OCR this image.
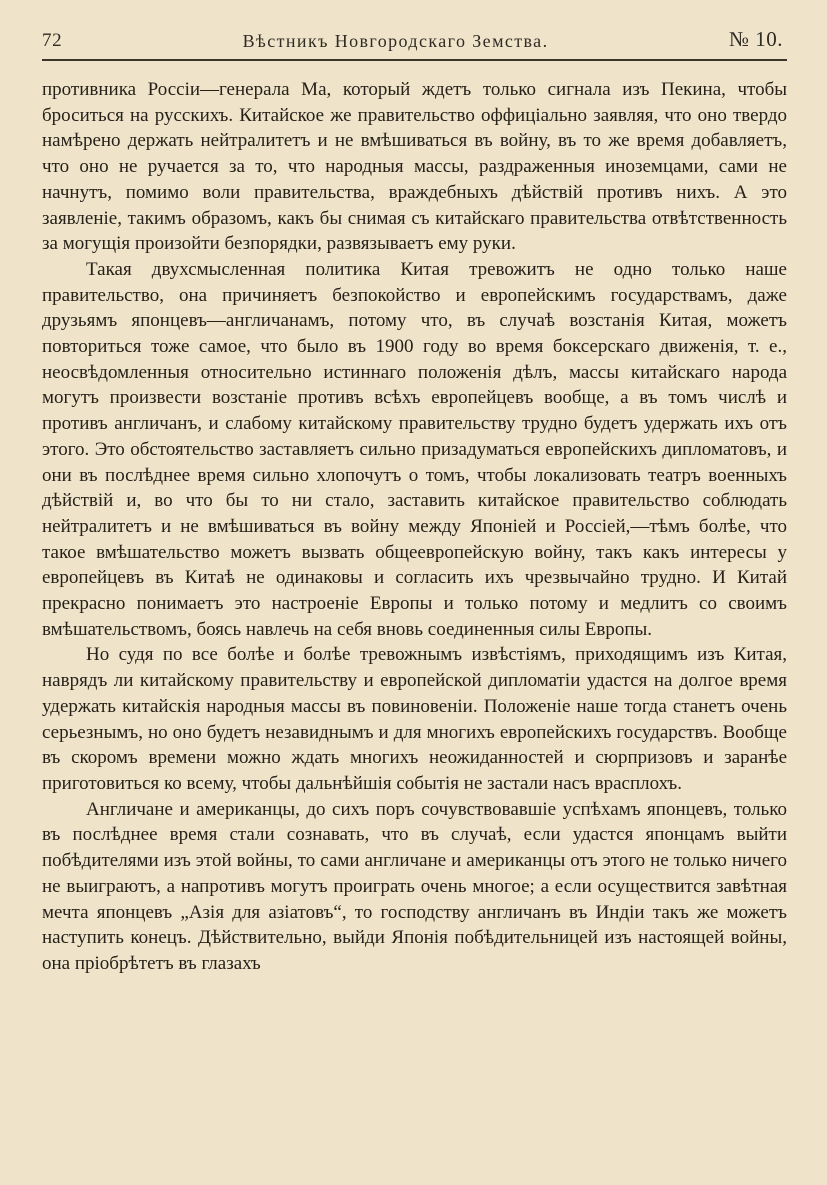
72	Вѣстникъ Новгородскаго Земства.	№ 10.

противника Россіи—генерала Ма, который ждетъ только сигнала изъ Пекина, чтобы броситься на русскихъ. Китайское же правительство оффиціально заявляя, что оно твердо намѣрено держать нейтралитетъ и не вмѣшиваться въ войну, въ то же время добавляетъ, что оно не ручается за то, что народныя массы, раздраженныя иноземцами, сами не начнутъ, помимо воли правительства, враждебныхъ дѣйствій противъ нихъ. А это заявленіе, такимъ образомъ, какъ бы снимая съ китайскаго правительства отвѣтственность за могущія произойти безпорядки, развязываетъ ему руки.

Такая двухсмысленная политика Китая тревожитъ не одно только наше правительство, она причиняетъ безпокойство и европейскимъ государствамъ, даже друзьямъ японцевъ—англичанамъ, потому что, въ случаѣ возстанія Китая, можетъ повториться тоже самое, что было въ 1900 году во время боксерскаго движенія, т. е., неосвѣдомленныя относительно истиннаго положенія дѣлъ, массы китайскаго народа могутъ произвести возстаніе противъ всѣхъ европейцевъ вообще, а въ томъ числѣ и противъ англичанъ, и слабому китайскому правительству трудно будетъ удержать ихъ отъ этого. Это обстоятельство заставляетъ сильно призадуматься европейскихъ дипломатовъ, и они въ послѣднее время сильно хлопочутъ о томъ, чтобы локализовать театръ военныхъ дѣйствій и, во что бы то ни стало, заставить китайское правительство соблюдать нейтралитетъ и не вмѣшиваться въ войну между Японіей и Россіей,—тѣмъ болѣе, что такое вмѣшательство можетъ вызвать общеевропейскую войну, такъ какъ интересы у европейцевъ въ Китаѣ не одинаковы и согласить ихъ чрезвычайно трудно. И Китай прекрасно понимаетъ это настроеніе Европы и только потому и медлитъ со своимъ вмѣшательствомъ, боясь навлечь на себя вновь соединенныя силы Европы.

Но судя по все болѣе и болѣе тревожнымъ извѣстіямъ, приходящимъ изъ Китая, наврядъ ли китайскому правительству и европейской дипломатіи удастся на долгое время удержать китайскія народныя массы въ повиновеніи. Положеніе наше тогда станетъ очень серьезнымъ, но оно будетъ незавиднымъ и для многихъ европейскихъ государствъ. Вообще въ скоромъ времени можно ждать многихъ неожиданностей и сюрпризовъ и заранѣе приготовиться ко всему, чтобы дальнѣйшія событія не застали насъ врасплохъ.

Англичане и американцы, до сихъ поръ сочувствовавшіе успѣхамъ японцевъ, только въ послѣднее время стали сознавать, что въ случаѣ, если удастся японцамъ выйти побѣдителями изъ этой войны, то сами англичане и американцы отъ этого не только ничего не выиграютъ, а напротивъ могутъ проиграть очень многое; а если осуществится завѣтная мечта японцевъ „Азія для азіатовъ“, то господству англичанъ въ Индіи такъ же можетъ наступить конецъ. Дѣйствительно, выйди Японія побѣдительницей изъ настоящей войны, она пріобрѣтетъ въ глазахъ
